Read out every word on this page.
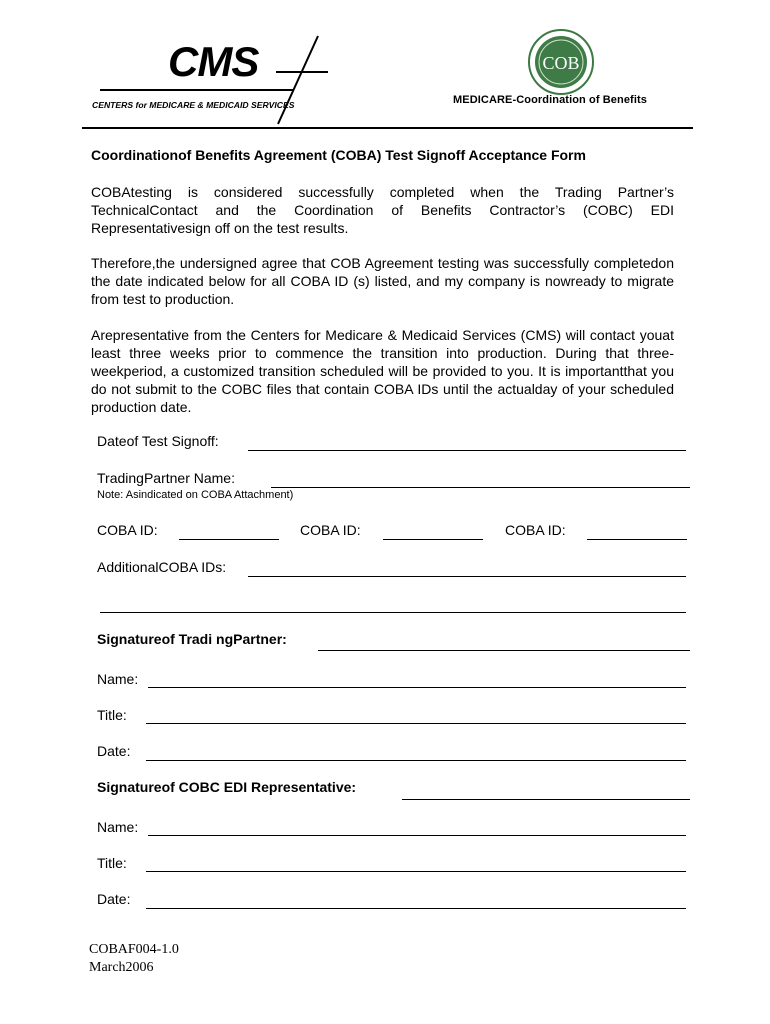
CMS
CENTERS for MEDICARE & MEDICAID SERVICES
COB
MEDICARE-Coordination of Benefits
Coordinationof Benefits Agreement (COBA) Test Signoff Acceptance Form
COBAtesting is considered successfully completed when the Trading Partner’s TechnicalContact and the Coordination of Benefits Contractor’s (COBC) EDI Representativesign off on the test results.
Therefore,the undersigned agree that COB Agreement testing was successfully completedon the date indicated below for all COBA ID (s) listed, and my company is nowready to migrate from test to production.
Arepresentative from the Centers for Medicare & Medicaid Services (CMS) will contact youat least three weeks prior to commence the transition into production. During that three-weekperiod, a customized transition scheduled will be provided to you. It is importantthat you do not submit to the COBC files that contain COBA IDs until the actualday of your scheduled production date.
Dateof Test Signoff:
TradingPartner Name:
Note: Asindicated on COBA Attachment)
COBA ID:	COBA ID:	COBA ID:
AdditionalCOBA IDs:
Signatureof Tradi ngPartner:
Name:
Title:
Date:
Signatureof COBC EDI Representative:
Name:
Title:
Date:
COBAF004-1.0
March2006
